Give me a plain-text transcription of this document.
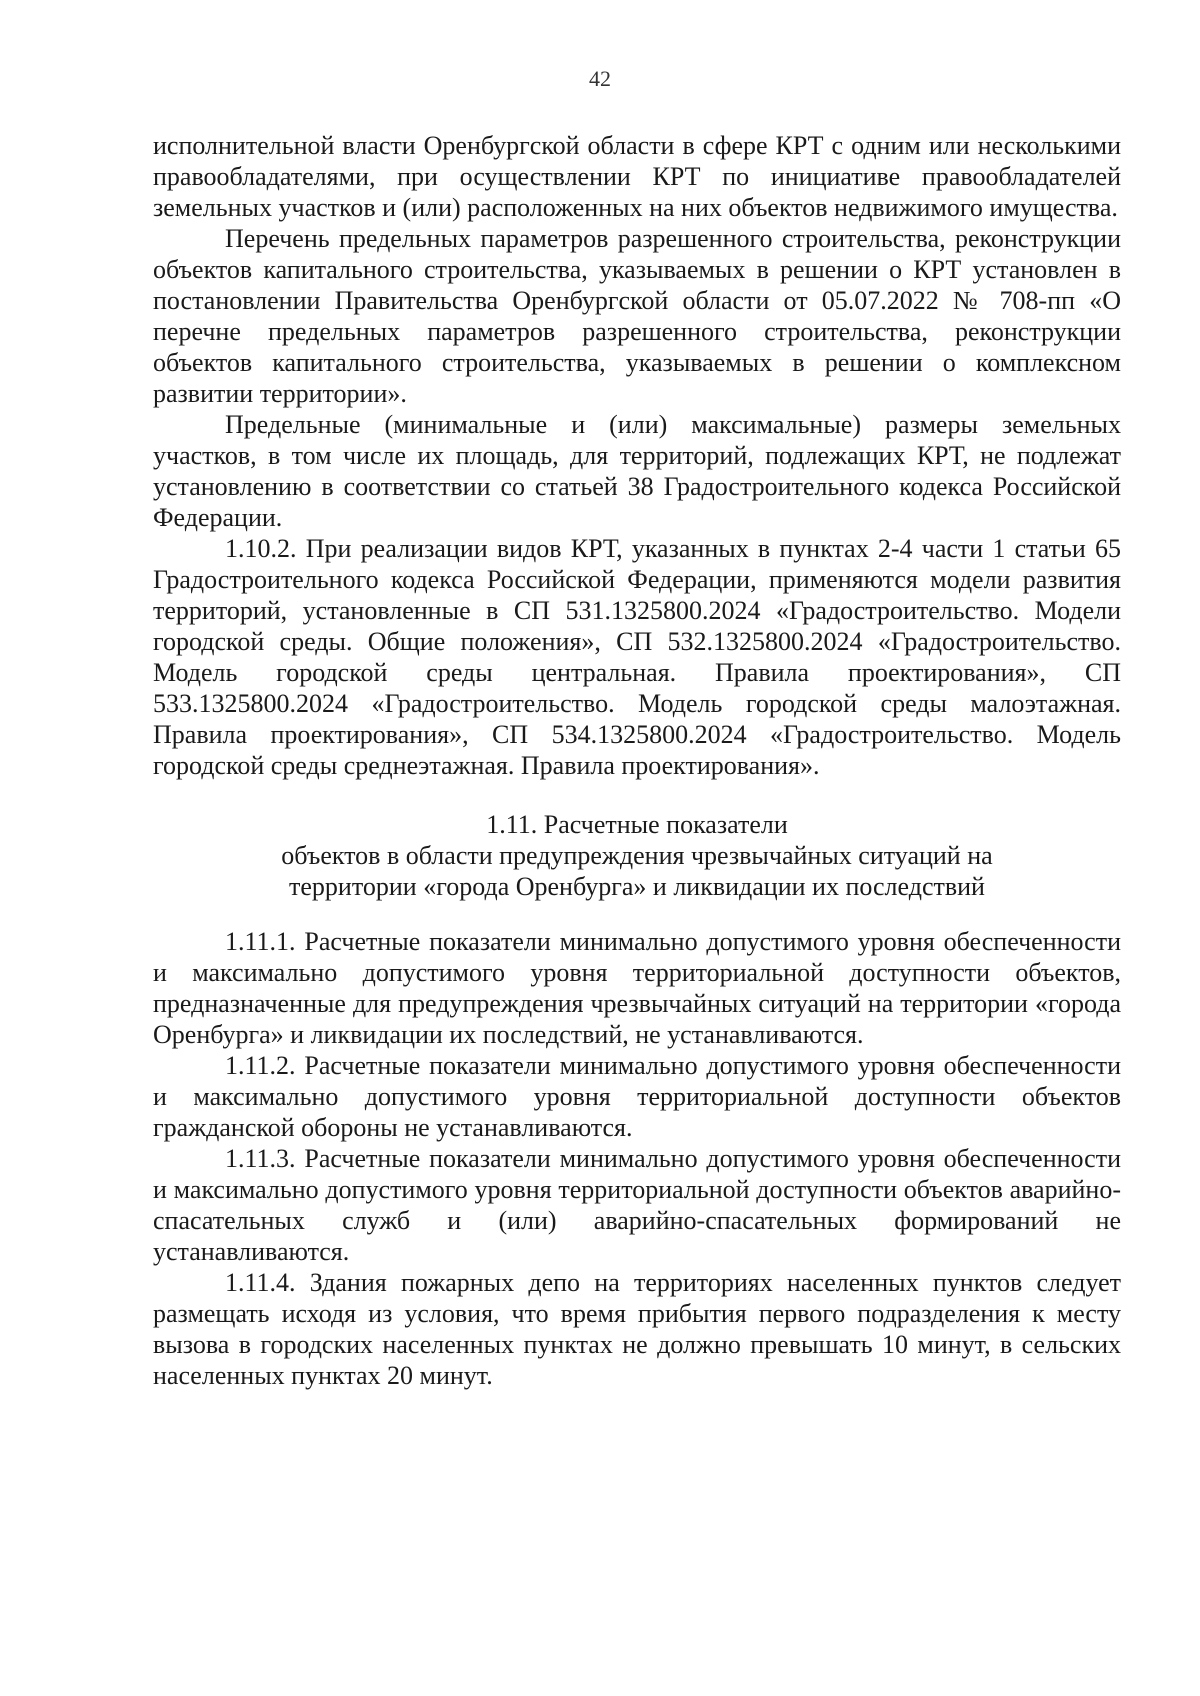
42

исполнительной власти Оренбургской области в сфере КРТ с одним или несколькими правообладателями, при осуществлении КРТ по инициативе правообладателей земельных участков и (или) расположенных на них объектов недвижимого имущества.

Перечень предельных параметров разрешенного строительства, реконструкции объектов капитального строительства, указываемых в решении о КРТ установлен в постановлении Правительства Оренбургской области от 05.07.2022 № 708-пп «О перечне предельных параметров разрешенного строительства, реконструкции объектов капитального строительства, указываемых в решении о комплексном развитии территории».

Предельные (минимальные и (или) максимальные) размеры земельных участков, в том числе их площадь, для территорий, подлежащих КРТ, не подлежат установлению в соответствии со статьей 38 Градостроительного кодекса Российской Федерации.

1.10.2. При реализации видов КРТ, указанных в пунктах 2-4 части 1 статьи 65 Градостроительного кодекса Российской Федерации, применяются модели развития территорий, установленные в СП 531.1325800.2024 «Градостроительство. Модели городской среды. Общие положения», СП 532.1325800.2024 «Градостроительство. Модель городской среды центральная. Правила проектирования», СП 533.1325800.2024 «Градостроительство. Модель городской среды малоэтажная. Правила проектирования», СП 534.1325800.2024 «Градостроительство. Модель городской среды среднеэтажная. Правила проектирования».

1.11. Расчетные показатели
объектов в области предупреждения чрезвычайных ситуаций на
территории «города Оренбурга» и ликвидации их последствий

1.11.1. Расчетные показатели минимально допустимого уровня обеспеченности и максимально допустимого уровня территориальной доступности объектов, предназначенные для предупреждения чрезвычайных ситуаций на территории «города Оренбурга» и ликвидации их последствий, не устанавливаются.

1.11.2. Расчетные показатели минимально допустимого уровня обеспеченности и максимально допустимого уровня территориальной доступности объектов гражданской обороны не устанавливаются.

1.11.3. Расчетные показатели минимально допустимого уровня обеспеченности и максимально допустимого уровня территориальной доступности объектов аварийно-спасательных служб и (или) аварийно-спасательных формирований не устанавливаются.

1.11.4. Здания пожарных депо на территориях населенных пунктов следует размещать исходя из условия, что время прибытия первого подразделения к месту вызова в городских населенных пунктах не должно превышать 10 минут, в сельских населенных пунктах 20 минут.
